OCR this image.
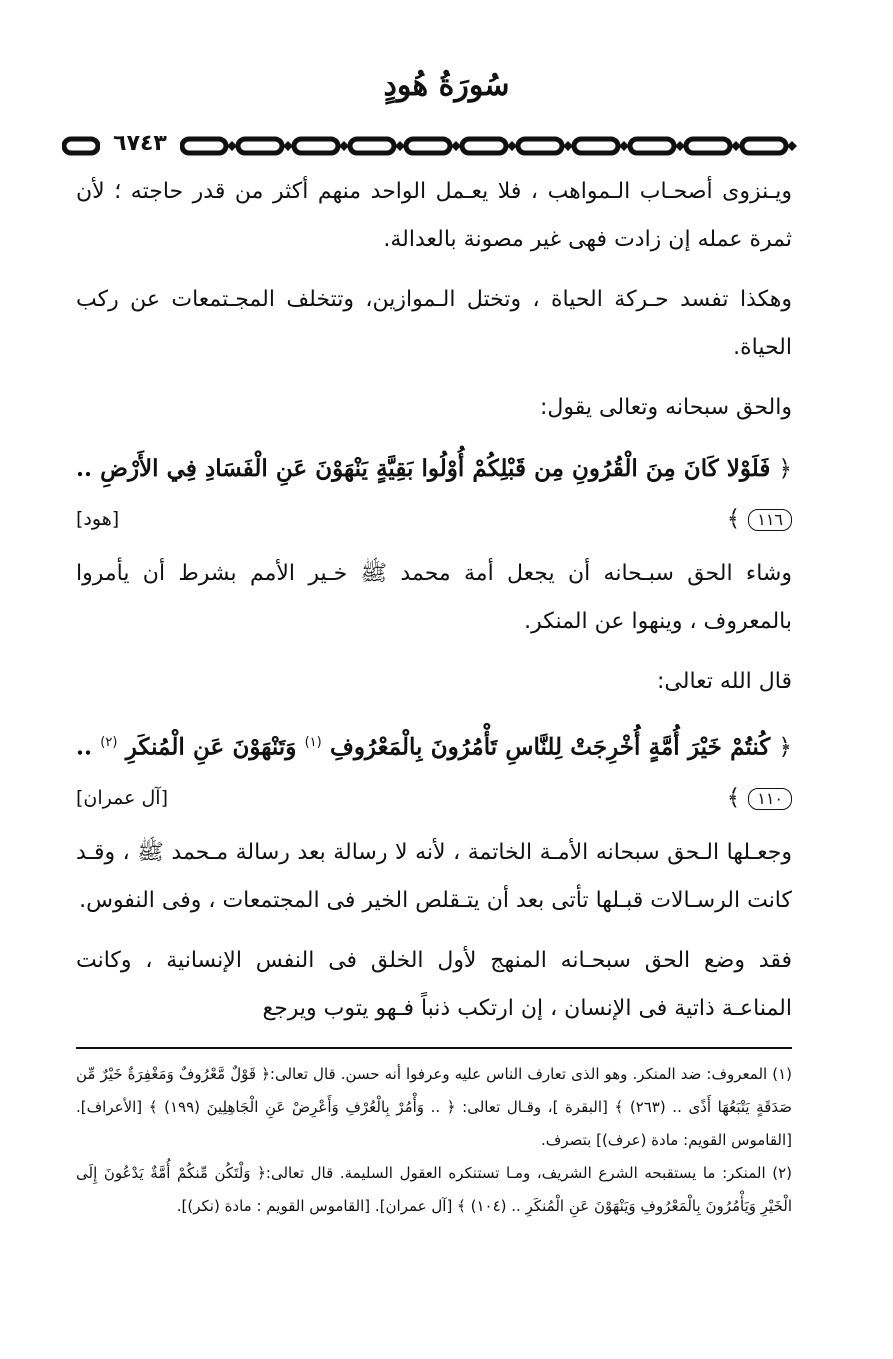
سُورَةُ هُودٍ
٦٧٤٣

ويـنزوى أصحـاب الـمواهب ، فلا يعـمل الواحد منهم أكثر من قدر حاجته ؛ لأن ثمرة عمله إن زادت فهى غير مصونة بالعدالة.

وهكذا تفسد حـركة الحياة ، وتختل الـموازين، وتتخلف المجـتمعات عن ركب الحياة.

والحق سبحانه وتعالى يقول:

﴿ فَلَوْلا كَانَ مِنَ الْقُرُونِ مِن قَبْلِكُمْ أُوْلُوا بَقِيَّةٍ يَنْهَوْنَ عَنِ الْفَسَادِ فِي الأَرْضِ .. ١١٦ ﴾
[هود]

وشاء الحق سبـحانه أن يجعل أمة محمد ﷺ خـير الأمم بشرط أن يأمروا بالمعروف ، وينهوا عن المنكر.

قال الله تعالى:

﴿ كُنتُمْ خَيْرَ أُمَّةٍ أُخْرِجَتْ لِلنَّاسِ تَأْمُرُونَ بِالْمَعْرُوفِ $^{(١)}$ وَتَنْهَوْنَ عَنِ الْمُنكَرِ $^{(٢)}$ .. ١١٠ ﴾
[آل عمران]

وجعـلها الـحق سبحانه الأمـة الخاتمة ، لأنه لا رسالة بعد رسالة مـحمد ﷺ ، وقـد كانت الرسـالات قبـلها تأتى بعد أن يتـقلص الخير فى المجتمعات ، وفى النفوس.

فقد وضع الحق سبحـانه المنهج لأول الخلق فى النفس الإنسانية ، وكانت المناعـة ذاتية فى الإنسان ، إن ارتكب ذنباً فـهو يتوب ويرجع

(١) المعروف: ضد المنكر. وهو الذى تعارف الناس عليه وعرفوا أنه حسن. قال تعالى:﴿ قَوْلٌ مَّعْرُوفٌ وَمَغْفِرَةٌ خَيْرٌ مِّن صَدَقَةٍ يَتْبَعُهَا أَذًى .. (٢٦٣) ﴾ [البقرة ]، وقـال تعالى: ﴿ .. وَأْمُرْ بِالْعُرْفِ وَأَعْرِضْ عَنِ الْجَاهِلِينَ (١٩٩) ﴾ [الأعراف]. [القاموس القويم: مادة (عرف)] بتصرف.

(٢) المنكر: ما يستقبحه الشرع الشريف، ومـا تستنكره العقول السليمة. قال تعالى:﴿ وَلْتَكُن مِّنكُمْ أُمَّةٌ يَدْعُونَ إِلَى الْخَيْرِ وَيَأْمُرُونَ بِالْمَعْرُوفِ وَيَنْهَوْنَ عَنِ الْمُنكَرِ .. (١٠٤) ﴾ [آل عمران]. [القاموس القويم : مادة (نكر)].
